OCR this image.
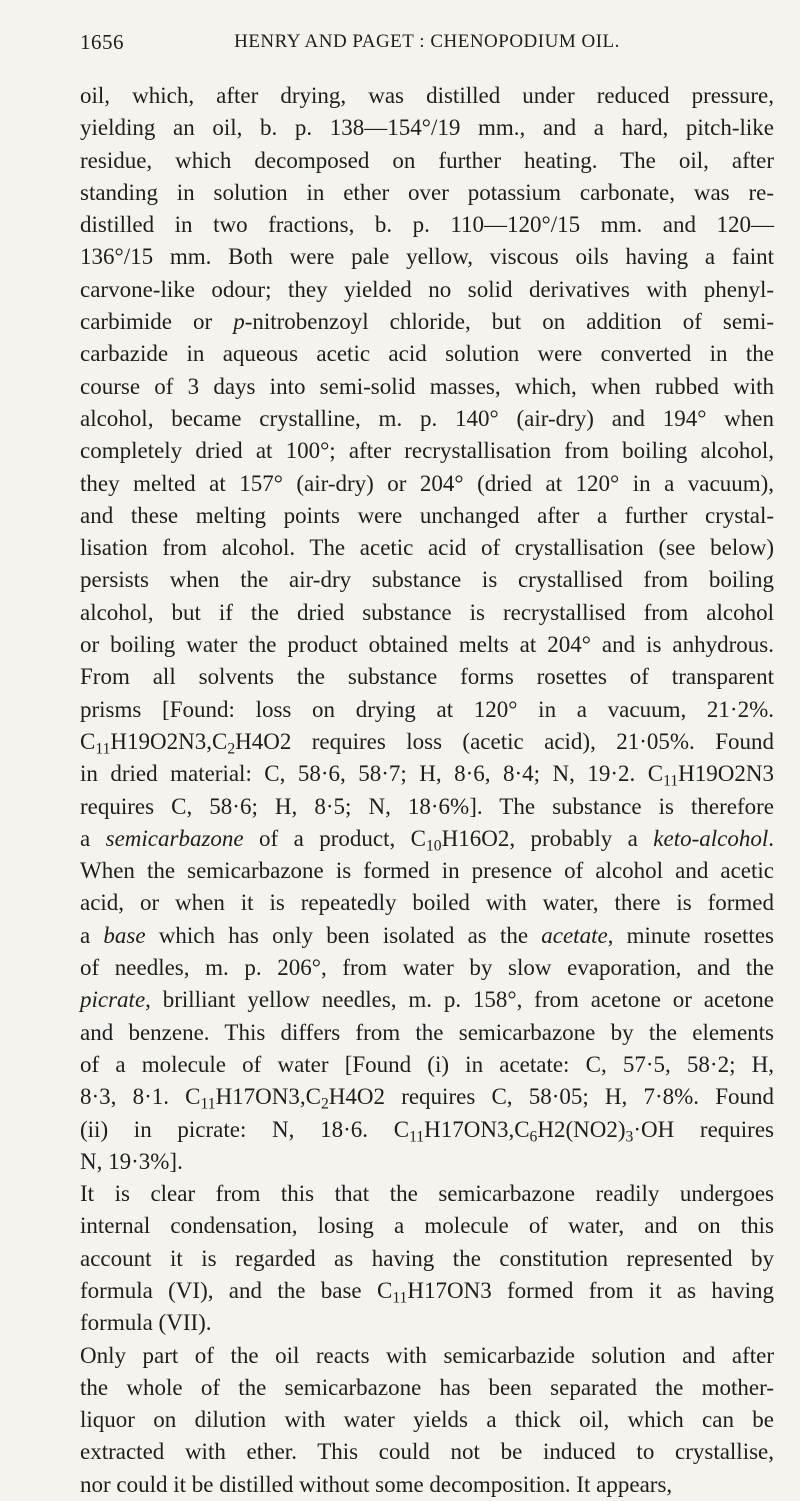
1656	HENRY AND PAGET : CHENOPODIUM OIL.
oil, which, after drying, was distilled under reduced pressure,
yielding an oil, b. p. 138—154°/19 mm., and a hard, pitch-like
residue, which decomposed on further heating. The oil, after
standing in solution in ether over potassium carbonate, was re-
distilled in two fractions, b. p. 110—120°/15 mm. and 120—
136°/15 mm. Both were pale yellow, viscous oils having a faint
carvone-like odour; they yielded no solid derivatives with phenyl-
carbimide or p-nitrobenzoyl chloride, but on addition of semi-
carbazide in aqueous acetic acid solution were converted in the
course of 3 days into semi-solid masses, which, when rubbed with
alcohol, became crystalline, m. p. 140° (air-dry) and 194° when
completely dried at 100°; after recrystallisation from boiling alcohol,
they melted at 157° (air-dry) or 204° (dried at 120° in a vacuum),
and these melting points were unchanged after a further crystal-
lisation from alcohol. The acetic acid of crystallisation (see below)
persists when the air-dry substance is crystallised from boiling
alcohol, but if the dried substance is recrystallised from alcohol
or boiling water the product obtained melts at 204° and is anhydrous.
From all solvents the substance forms rosettes of transparent
prisms [Found: loss on drying at 120° in a vacuum, 21·2%.
$C_{11}H19O2N3,C_2H4O2$ requires loss (acetic acid), 21·05%. Found
in dried material: C, 58·6, 58·7; H, 8·6, 8·4; N, 19·2. $C_{11}H19O2N3$
requires C, 58·6; H, 8·5; N, 18·6%]. The substance is therefore
a semicarbazone of a product, $C_{10}H16O2$, probably a keto-alcohol.
When the semicarbazone is formed in presence of alcohol and acetic
acid, or when it is repeatedly boiled with water, there is formed
a base which has only been isolated as the acetate, minute rosettes
of needles, m. p. 206°, from water by slow evaporation, and the
picrate, brilliant yellow needles, m. p. 158°, from acetone or acetone
and benzene. This differs from the semicarbazone by the elements
of a molecule of water [Found (i) in acetate: C, 57·5, 58·2; H,
8·3, 8·1. $C_{11}H17ON3,C_2H4O2$ requires C, 58·05; H, 7·8%. Found
(ii) in picrate: N, 18·6. $C_{11}H17ON3,C_6H2(NO2)_3\cdot OH$ requires
N, 19·3%].
It is clear from this that the semicarbazone readily undergoes
internal condensation, losing a molecule of water, and on this
account it is regarded as having the constitution represented by
formula (VI), and the base $C_{11}H17ON3$ formed from it as having
formula (VII).
Only part of the oil reacts with semicarbazide solution and after
the whole of the semicarbazone has been separated the mother-
liquor on dilution with water yields a thick oil, which can be
extracted with ether. This could not be induced to crystallise,
nor could it be distilled without some decomposition. It appears,
